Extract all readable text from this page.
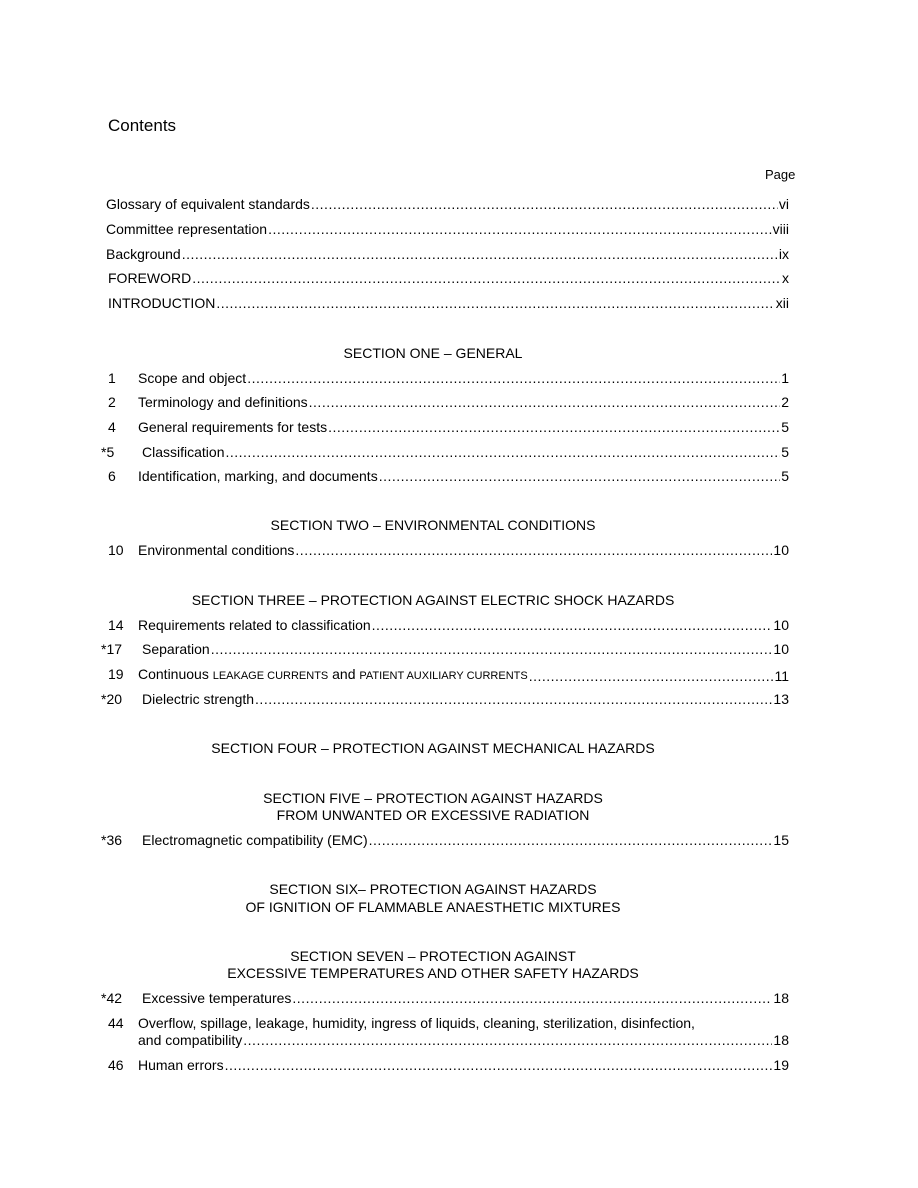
Contents
Page
Glossary of equivalent standards .....	vi
Committee representation .....	viii
Background .....	ix
FOREWORD .....	x
INTRODUCTION .....	xii
SECTION ONE – GENERAL
1 Scope and object .....	1
2 Terminology and definitions .....	2
4 General requirements for tests .....	5
*5 Classification .....	5
6 Identification, marking, and documents .....	5
SECTION TWO – ENVIRONMENTAL CONDITIONS
10 Environmental conditions .....	10
SECTION THREE – PROTECTION AGAINST ELECTRIC SHOCK HAZARDS
14 Requirements related to classification .....	10
*17 Separation .....	10
19 Continuous LEAKAGE CURRENTS and PATIENT AUXILIARY CURRENTS .....	11
*20 Dielectric strength .....	13
SECTION FOUR – PROTECTION AGAINST MECHANICAL HAZARDS
SECTION FIVE – PROTECTION AGAINST HAZARDS
FROM UNWANTED OR EXCESSIVE RADIATION
*36 Electromagnetic compatibility (EMC) .....	15
SECTION SIX– PROTECTION AGAINST HAZARDS
OF IGNITION OF FLAMMABLE ANAESTHETIC MIXTURES
SECTION SEVEN – PROTECTION AGAINST
EXCESSIVE TEMPERATURES AND OTHER SAFETY HAZARDS
*42 Excessive temperatures .....	18
44 Overflow, spillage, leakage, humidity, ingress of liquids, cleaning, sterilization, disinfection,
and compatibility .....	18
46 Human errors .....	19
